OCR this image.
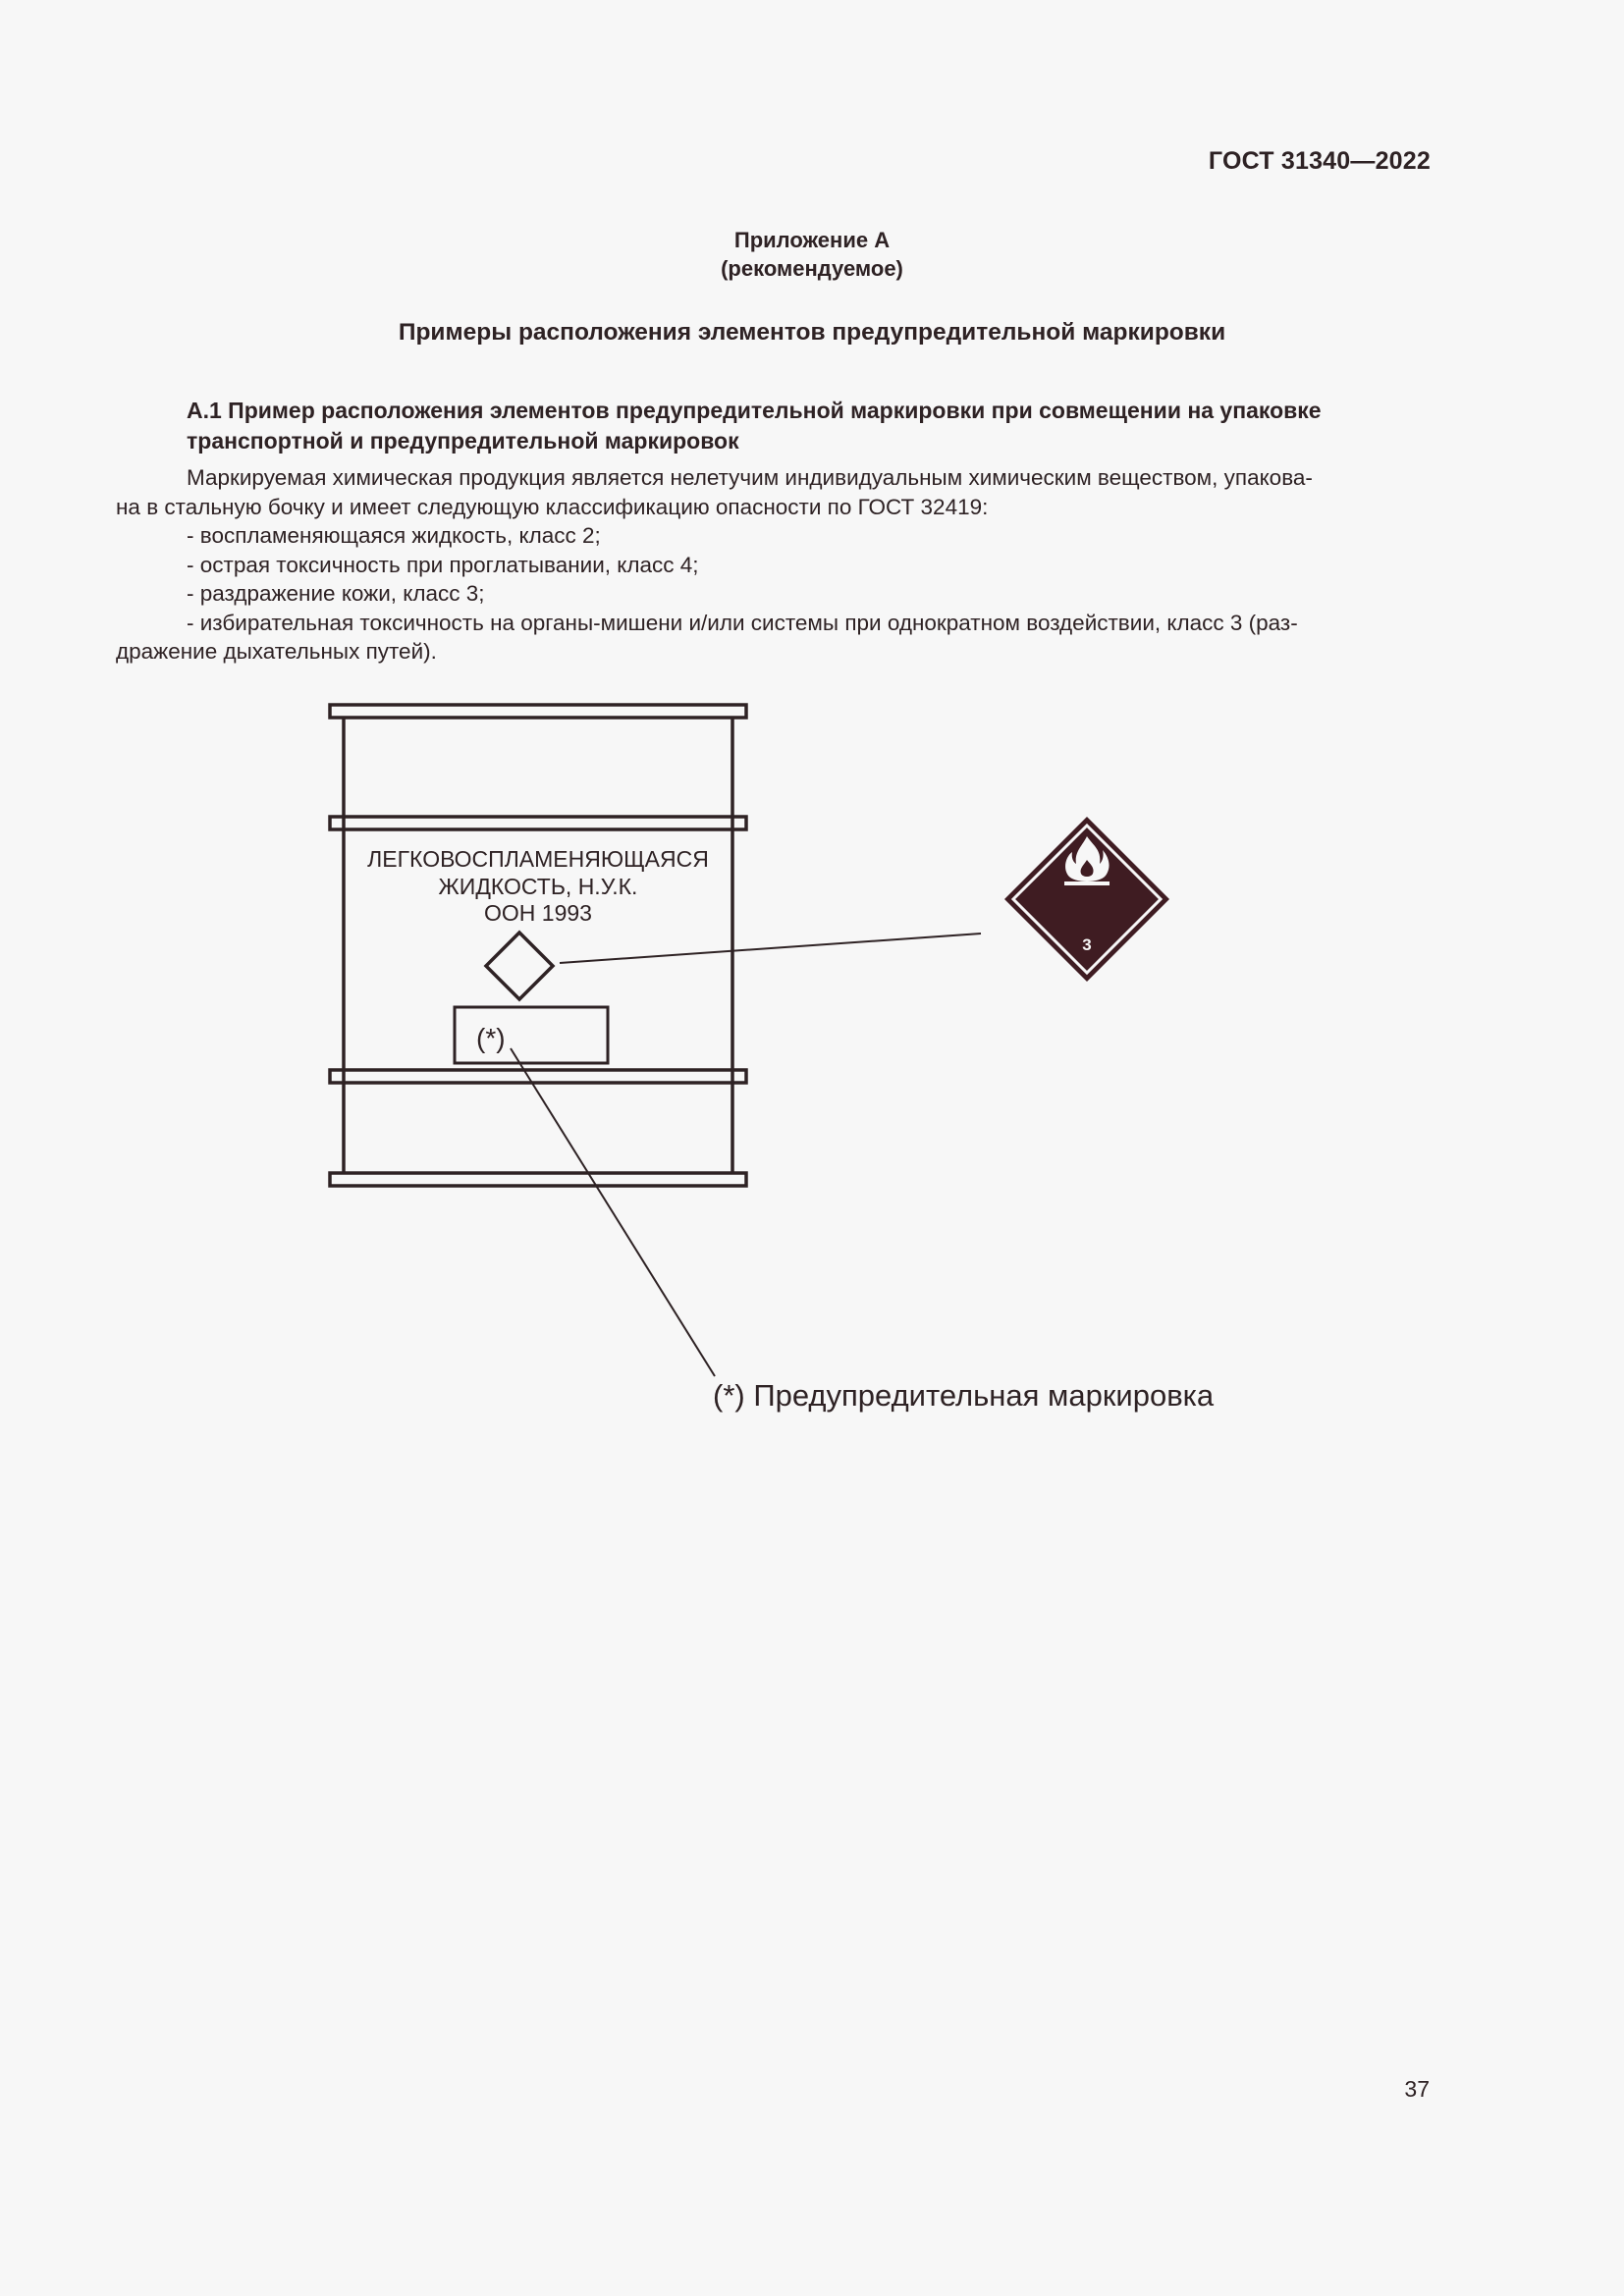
ГОСТ 31340—2022
Приложение А
(рекомендуемое)
Примеры расположения элементов предупредительной маркировки
А.1 Пример расположения элементов предупредительной маркировки при совмещении на упаковке транспортной и предупредительной маркировок

Маркируемая химическая продукция является нелетучим индивидуальным химическим веществом, упакова-

на в стальную бочку и имеет следующую классификацию опасности по ГОСТ 32419:

- воспламеняющаяся жидкость, класс 2;

- острая токсичность при проглатывании, класс 4;

- раздражение кожи, класс 3;

- избирательная токсичность на органы-мишени и/или системы при однократном воздействии, класс 3 (раз-

дражение дыхательных путей).

ЛЕГКОВОСПЛАМЕНЯЮЩАЯСЯ
ЖИДКОСТЬ, Н.У.К.
ООН 1993
(*)
3
(*) Предупредительная маркировка
37
